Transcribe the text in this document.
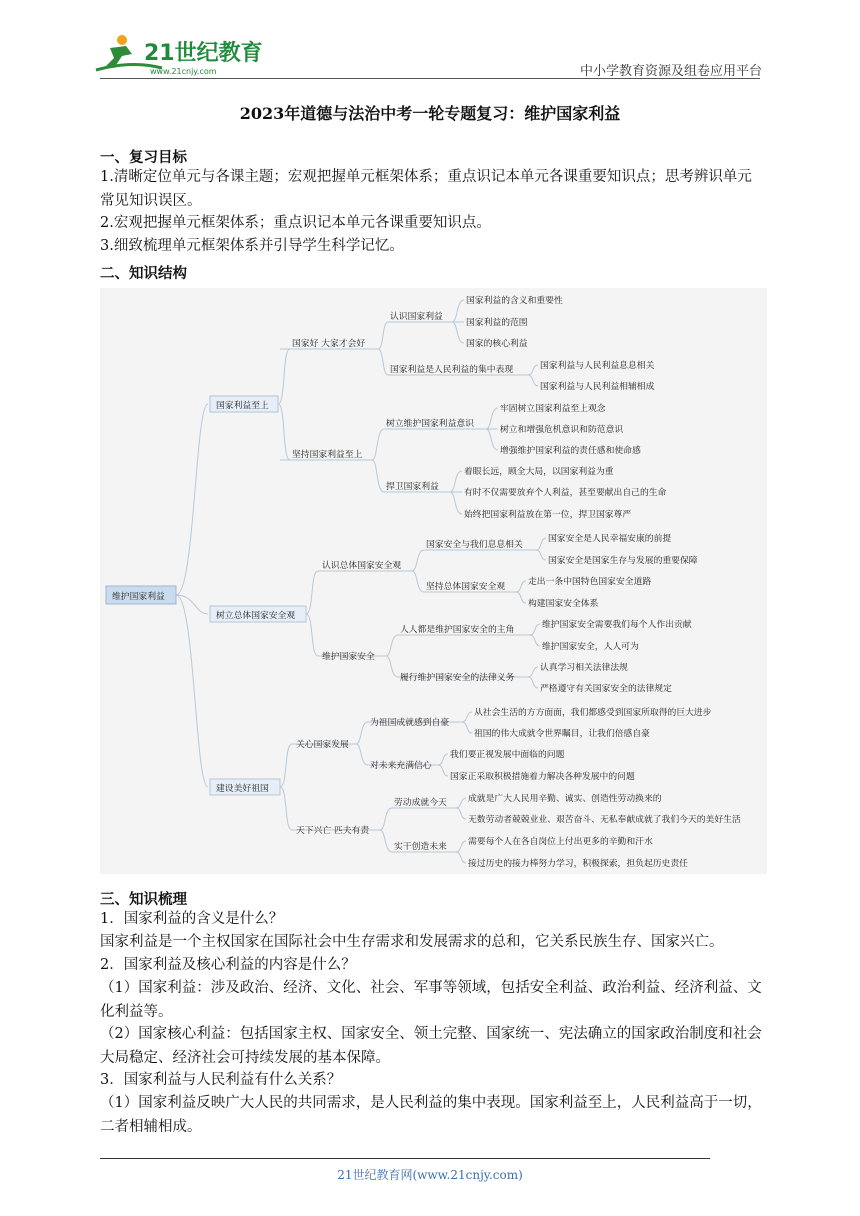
21世纪教育
www.21cnjy.com	中小学教育资源及组卷应用平台
2023年道德与法治中考一轮专题复习：维护国家利益
一、复习目标
1.清晰定位单元与各课主题；宏观把握单元框架体系；重点识记本单元各课重要知识点；思考辨识单元常见知识误区。
2.宏观把握单元框架体系；重点识记本单元各课重要知识点。
3.细致梳理单元框架体系并引导学生科学记忆。
二、知识结构
维护国家利益
国家利益至上
国家好 大家才会好
认识国家利益
国家利益的含义和重要性
国家利益的范围
国家的核心利益
国家利益是人民利益的集中表现	国家利益与人民利益息息相关
国家利益与人民利益相辅相成
坚持国家利益至上
树立维护国家利益意识
牢固树立国家利益至上观念
树立和增强危机意识和防范意识
增强维护国家利益的责任感和使命感
捍卫国家利益
着眼长远，顾全大局，以国家利益为重
有时不仅需要放弃个人利益，甚至要献出自己的生命
始终把国家利益放在第一位，捍卫国家尊严
树立总体国家安全观
认识总体国家安全观
国家安全与我们息息相关
国家安全是人民幸福安康的前提
国家安全是国家生存与发展的重要保障
坚持总体国家安全观	走出一条中国特色国家安全道路
构建国家安全体系
维护国家安全
人人都是维护国家安全的主角	维护国家安全需要我们每个人作出贡献
维护国家安全，人人可为
履行维护国家安全的法律义务
认真学习相关法律法规
严格遵守有关国家安全的法律规定
建设美好祖国
关心国家发展
为祖国成就感到自豪
从社会生活的方方面面，我们都感受到国家所取得的巨大进步
祖国的伟大成就令世界瞩目，让我们倍感自豪
对未来充满信心
我们要正视发展中面临的问题
国家正采取积极措施着力解决各种发展中的问题
天下兴亡 匹夫有责
劳动成就今天 成就是广大人民用辛勤、诚实、创造性劳动换来的
无数劳动者兢兢业业、艰苦奋斗、无私奉献成就了我们今天的美好生活
实干创造未来 需要每个人在各自岗位上付出更多的辛勤和汗水
接过历史的接力棒努力学习，积极探索，担负起历史责任
三、知识梳理
1．国家利益的含义是什么？
国家利益是一个主权国家在国际社会中生存需求和发展需求的总和，它关系民族生存、国家兴亡。
2．国家利益及核心利益的内容是什么？
（1）国家利益：涉及政治、经济、文化、社会、军事等领域，包括安全利益、政治利益、经济利益、文化利益等。
（2）国家核心利益：包括国家主权、国家安全、领土完整、国家统一、宪法确立的国家政治制度和社会大局稳定、经济社会可持续发展的基本保障。
3．国家利益与人民利益有什么关系？
（1）国家利益反映广大人民的共同需求，是人民利益的集中表现。国家利益至上，人民利益高于一切，二者相辅相成。
21世纪教育网(www.21cnjy.com)
